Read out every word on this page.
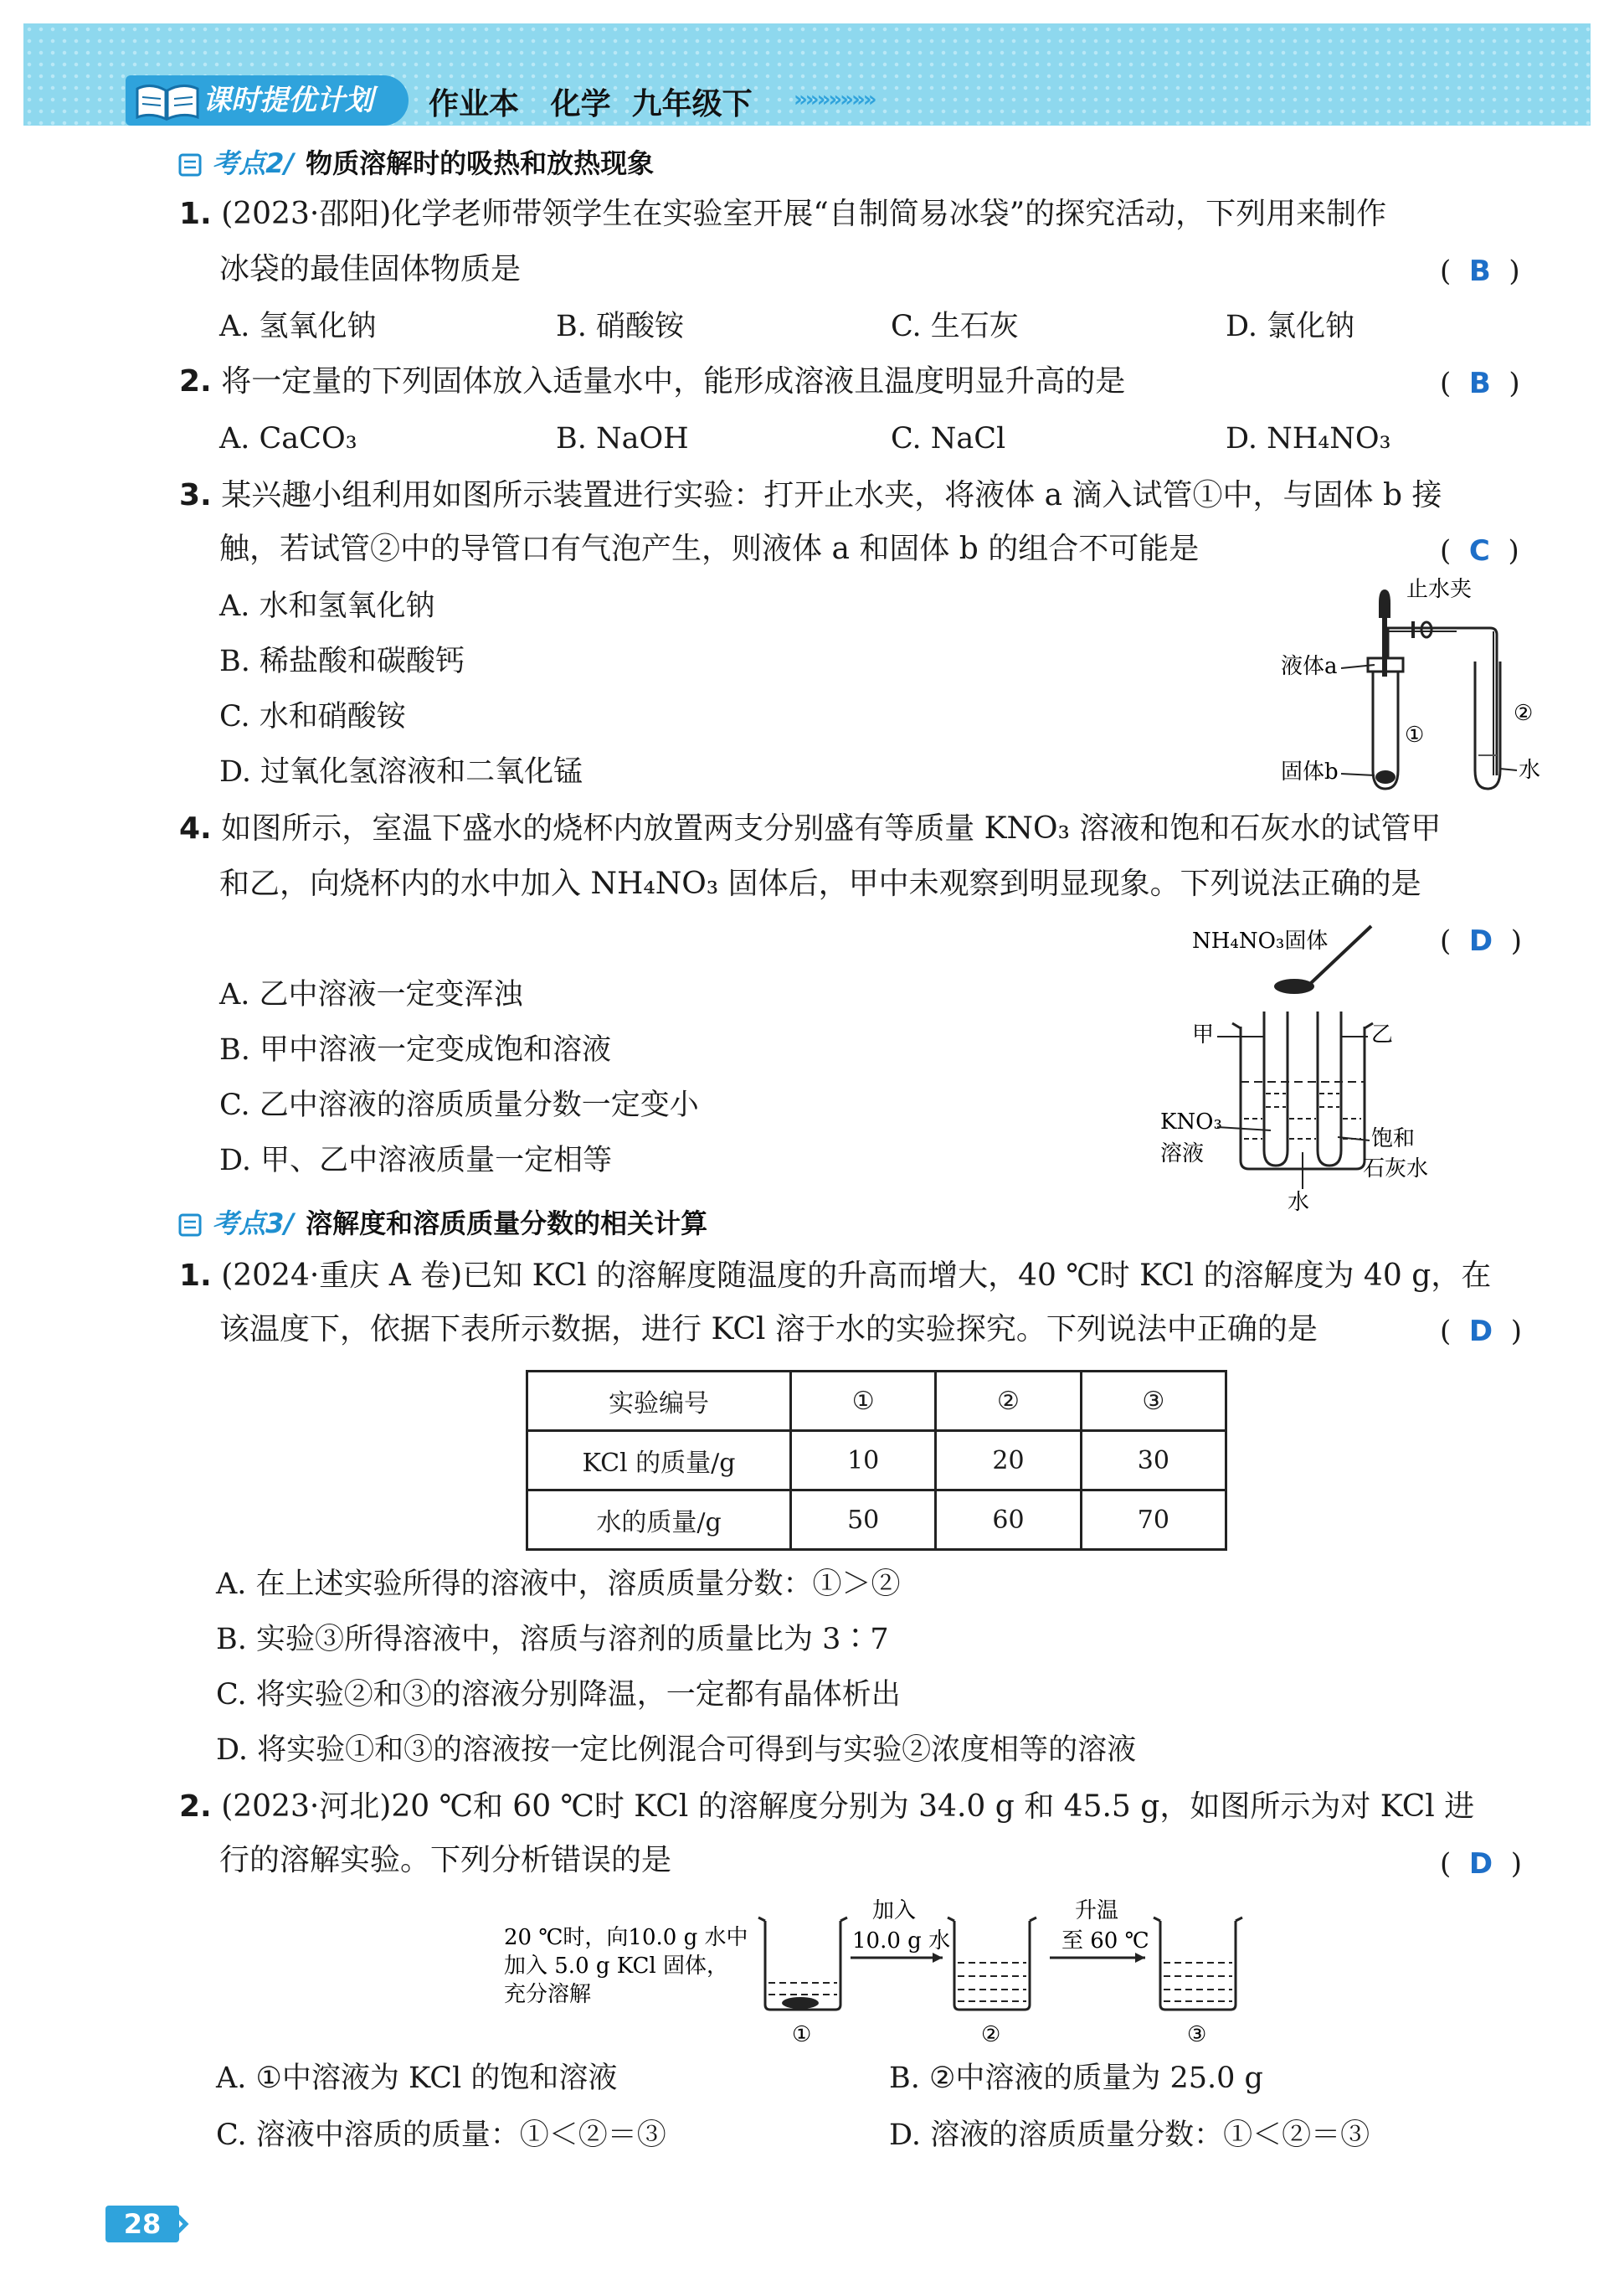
课时提优计划	作业本   化学  九年级下 »»»»»»»
考点2/ 物质溶解时的吸热和放热现象
1. (2023·邵阳)化学老师带领学生在实验室开展“自制简易冰袋”的探究活动，下列用来制作
冰袋的最佳固体物质是	(  B  )
A. 氢氧化钠	B. 硝酸铵	C. 生石灰	D. 氯化钠
2. 将一定量的下列固体放入适量水中，能形成溶液且温度明显升高的是	(  B  )
A. CaCO₃	B. NaOH	C. NaCl	D. NH₄NO₃
3. 某兴趣小组利用如图所示装置进行实验：打开止水夹，将液体 a 滴入试管①中，与固体 b 接
触，若试管②中的导管口有气泡产生，则液体 a 和固体 b 的组合不可能是	(  C  )
A. 水和氢氧化钠
B. 稀盐酸和碳酸钙
C. 水和硝酸铵
D. 过氧化氢溶液和二氧化锰
止水夹
液体a
固体b
①
②
水
4. 如图所示，室温下盛水的烧杯内放置两支分别盛有等质量 KNO₃ 溶液和饱和石灰水的试管甲
和乙，向烧杯内的水中加入 NH₄NO₃ 固体后，甲中未观察到明显现象。下列说法正确的是
(  D  )
A. 乙中溶液一定变浑浊
B. 甲中溶液一定变成饱和溶液
C. 乙中溶液的溶质质量分数一定变小
D. 甲、乙中溶液质量一定相等
NH₄NO₃固体
甲	乙
KNO₃
溶液
饱和
石灰水
水
考点3/ 溶解度和溶质质量分数的相关计算
1. (2024·重庆 A 卷)已知 KCl 的溶解度随温度的升高而增大，40 ℃时 KCl 的溶解度为 40 g，在
该温度下，依据下表所示数据，进行 KCl 溶于水的实验探究。下列说法中正确的是	(  D  )
实验编号	①	②	③
KCl 的质量/g	10	20	30
水的质量/g	50	60	70
A. 在上述实验所得的溶液中，溶质质量分数：①＞②
B. 实验③所得溶液中，溶质与溶剂的质量比为 3∶7
C. 将实验②和③的溶液分别降温，一定都有晶体析出
D. 将实验①和③的溶液按一定比例混合可得到与实验②浓度相等的溶液
2. (2023·河北)20 ℃和 60 ℃时 KCl 的溶解度分别为 34.0 g 和 45.5 g，如图所示为对 KCl 进
行的溶解实验。下列分析错误的是	(  D  )
20 ℃时，向10.0 g 水中
加入 5.0 g KCl 固体，
充分溶解
加入
10.0 g 水
升温
至 60 ℃
①	②	③
A. ①中溶液为 KCl 的饱和溶液	B. ②中溶液的质量为 25.0 g
C. 溶液中溶质的质量：①＜②＝③	D. 溶液的溶质质量分数：①＜②＝③
28
